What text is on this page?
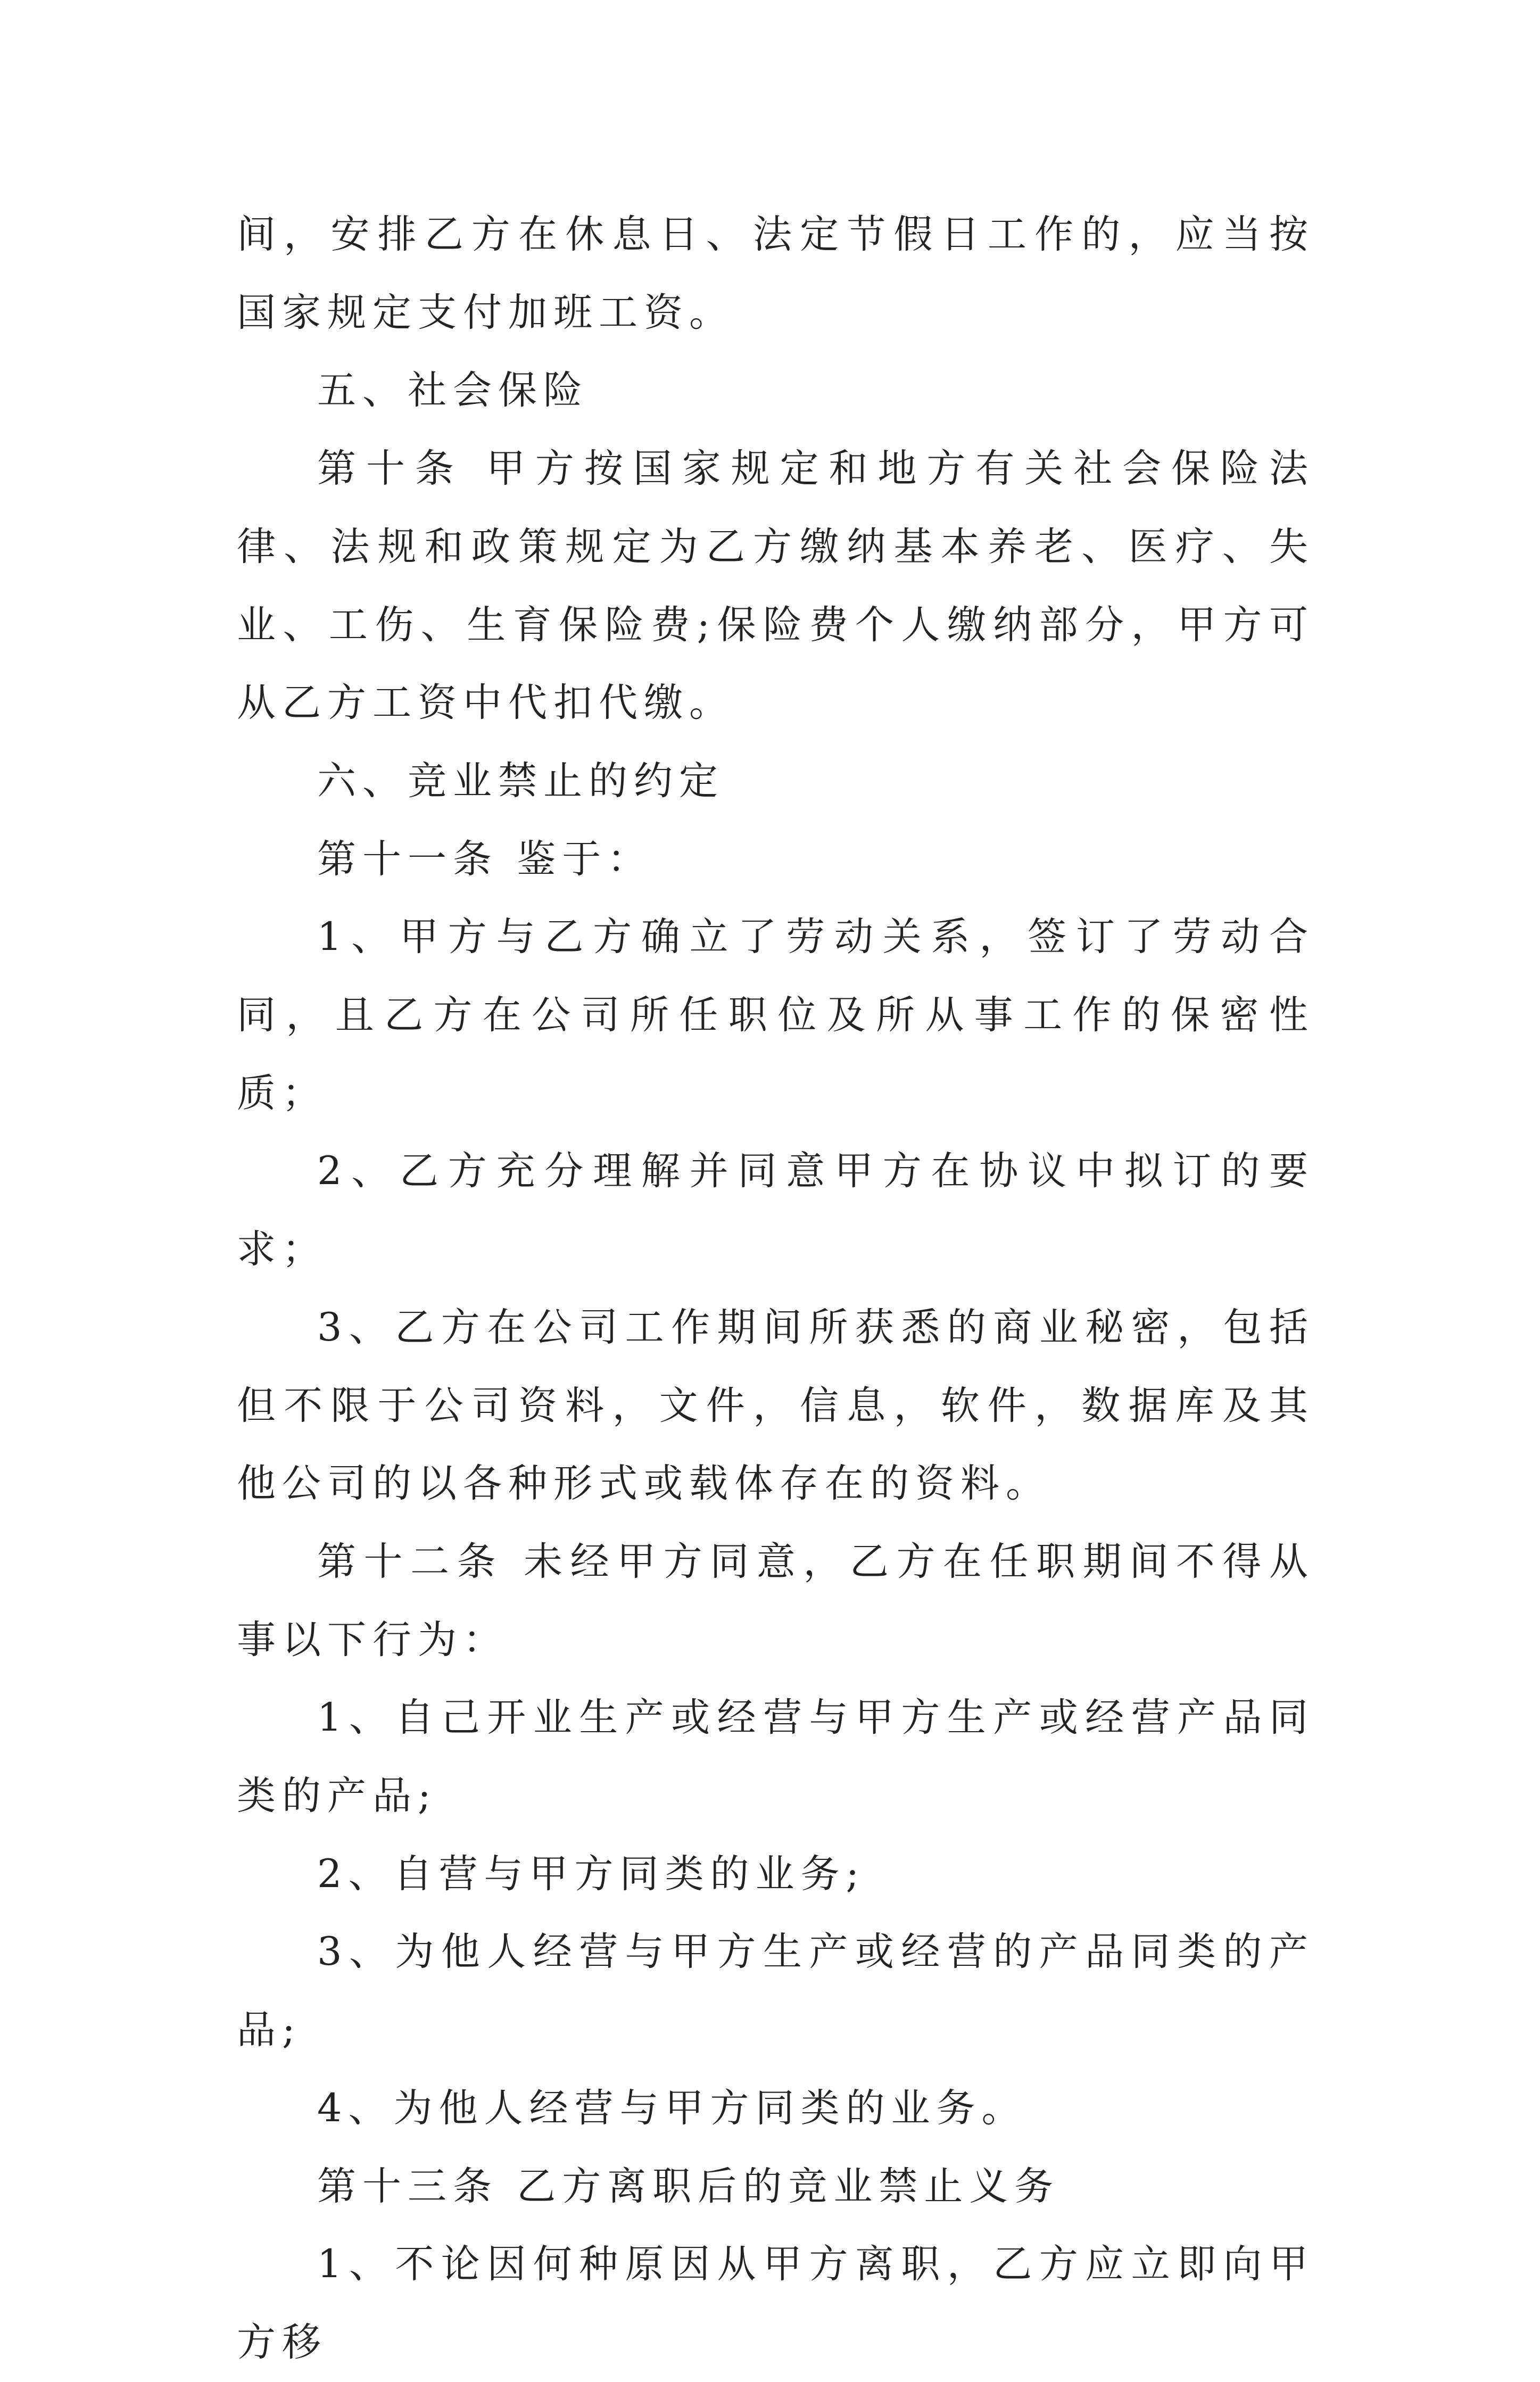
间，安排乙方在休息日、法定节假日工作的，应当按国家规定支付加班工资。

五、社会保险

第十条 甲方按国家规定和地方有关社会保险法律、法规和政策规定为乙方缴纳基本养老、医疗、失业、工伤、生育保险费;保险费个人缴纳部分，甲方可从乙方工资中代扣代缴。

六、竞业禁止的约定

第十一条 鉴于：

1、甲方与乙方确立了劳动关系，签订了劳动合同，且乙方在公司所任职位及所从事工作的保密性质；

2、乙方充分理解并同意甲方在协议中拟订的要求；

3、乙方在公司工作期间所获悉的商业秘密，包括但不限于公司资料，文件，信息，软件，数据库及其他公司的以各种形式或载体存在的资料。

第十二条 未经甲方同意，乙方在任职期间不得从事以下行为：

1、自己开业生产或经营与甲方生产或经营产品同类的产品;

2、自营与甲方同类的业务;

3、为他人经营与甲方生产或经营的产品同类的产品;

4、为他人经营与甲方同类的业务。

第十三条 乙方离职后的竞业禁止义务

1、不论因何种原因从甲方离职，乙方应立即向甲方移
